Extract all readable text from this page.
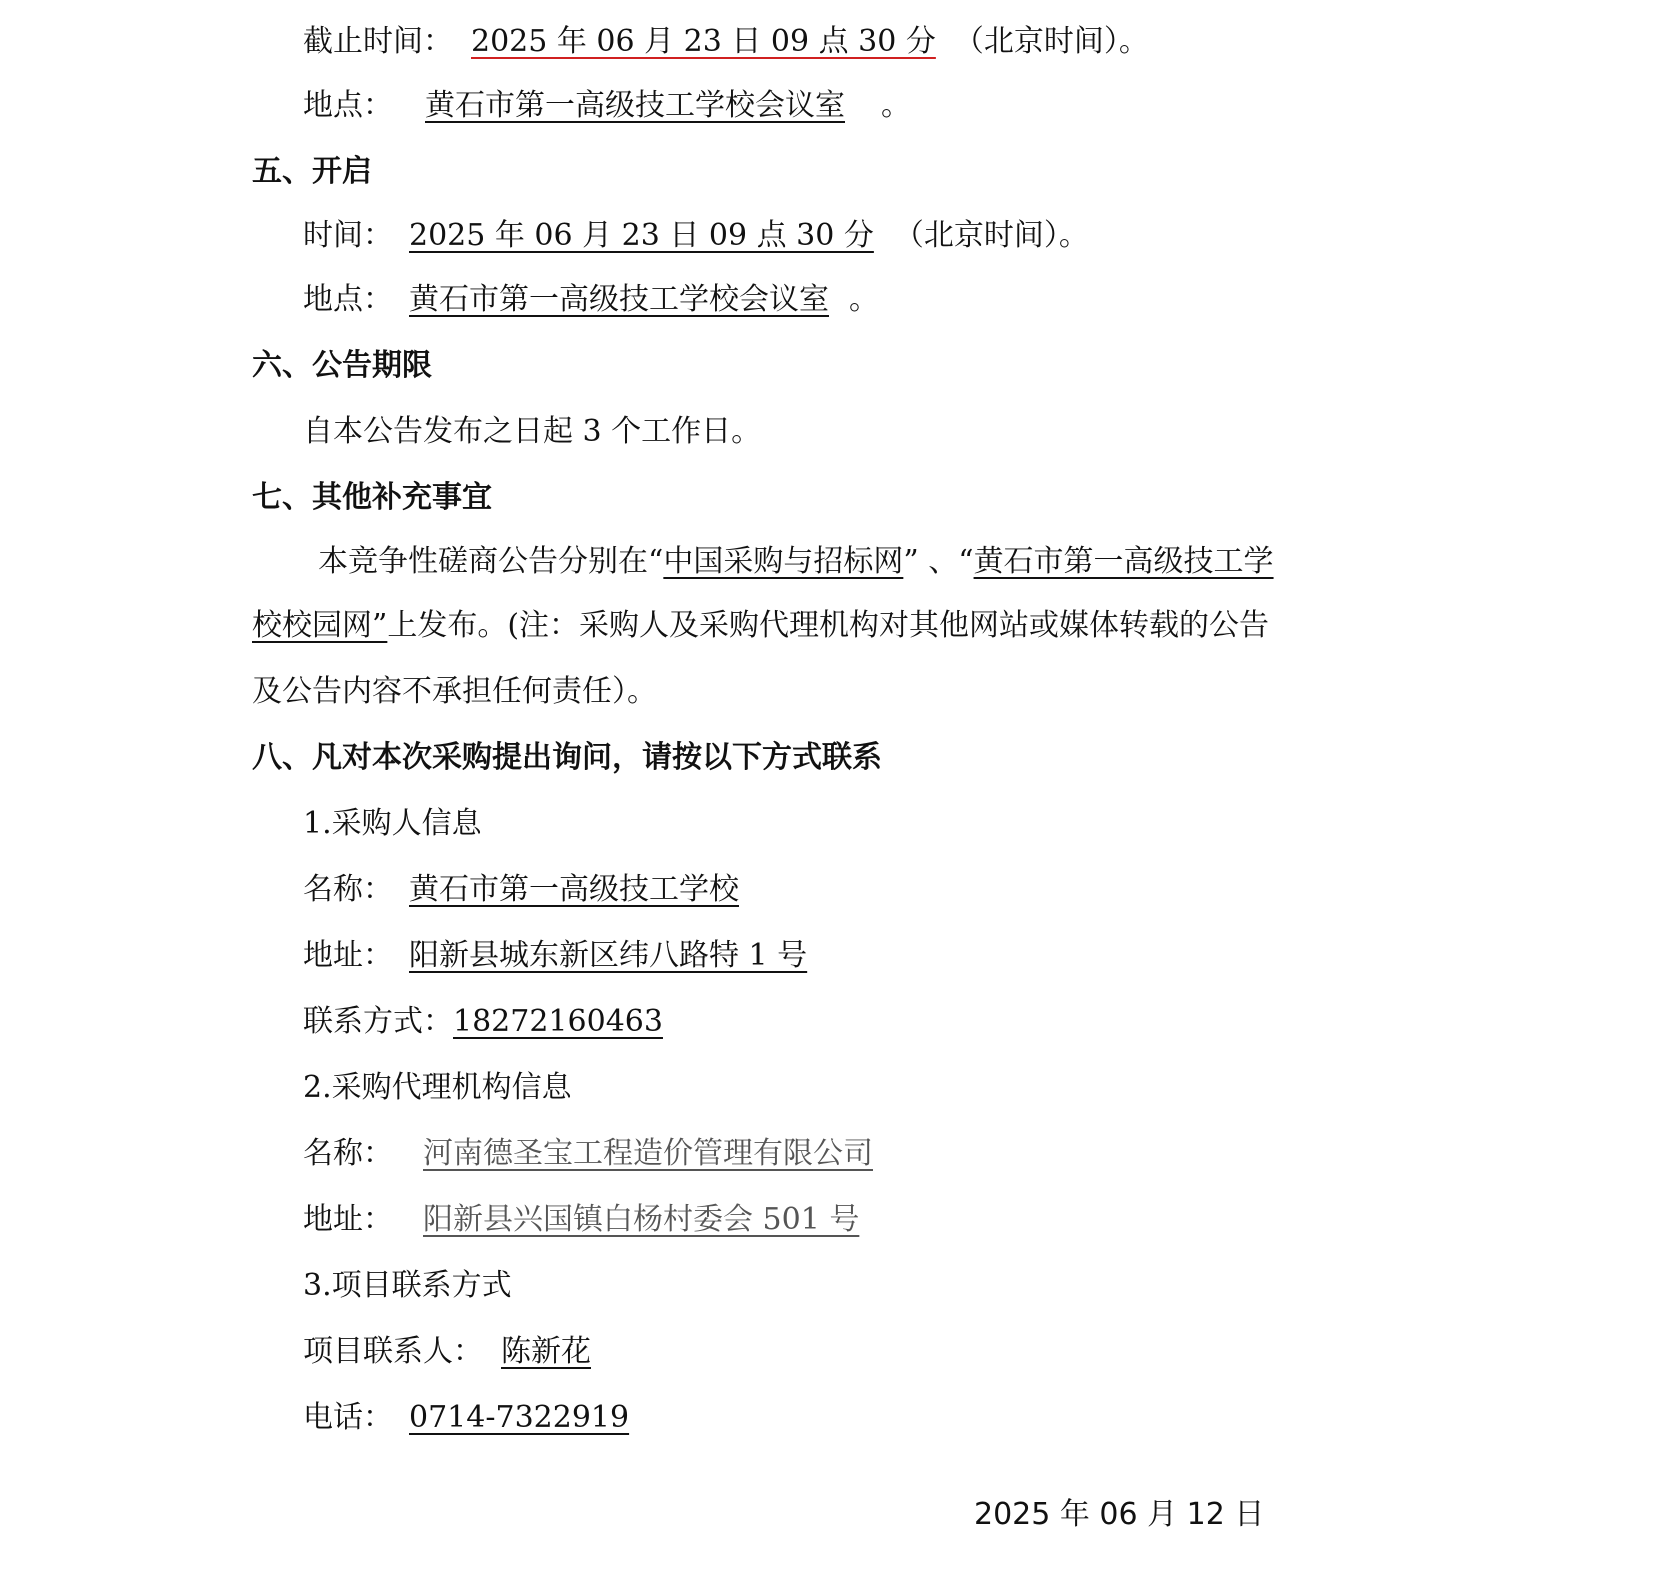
截止时间： 2025 年 06 月 23 日 09 点 30 分 （北京时间）。
地点： 黄石市第一高级技工学校会议室 。
五、开启
时间： 2025 年 06 月 23 日 09 点 30 分 （北京时间）。
地点： 黄石市第一高级技工学校会议室 。
六、公告期限
自本公告发布之日起 3 个工作日。
七、其他补充事宜
本竞争性磋商公告分别在“中国采购与招标网” 、“黄石市第一高级技工学
校校园网”上发布。(注：采购人及采购代理机构对其他网站或媒体转载的公告
及公告内容不承担任何责任）。
八、凡对本次采购提出询问，请按以下方式联系
1.采购人信息
名称： 黄石市第一高级技工学校
地址： 阳新县城东新区纬八路特 1 号
联系方式：18272160463
2.采购代理机构信息
名称： 河南德圣宝工程造价管理有限公司
地址： 阳新县兴国镇白杨村委会 501 号
3.项目联系方式
项目联系人： 陈新花
电话： 0714-7322919
2025 年 06 月 12 日
